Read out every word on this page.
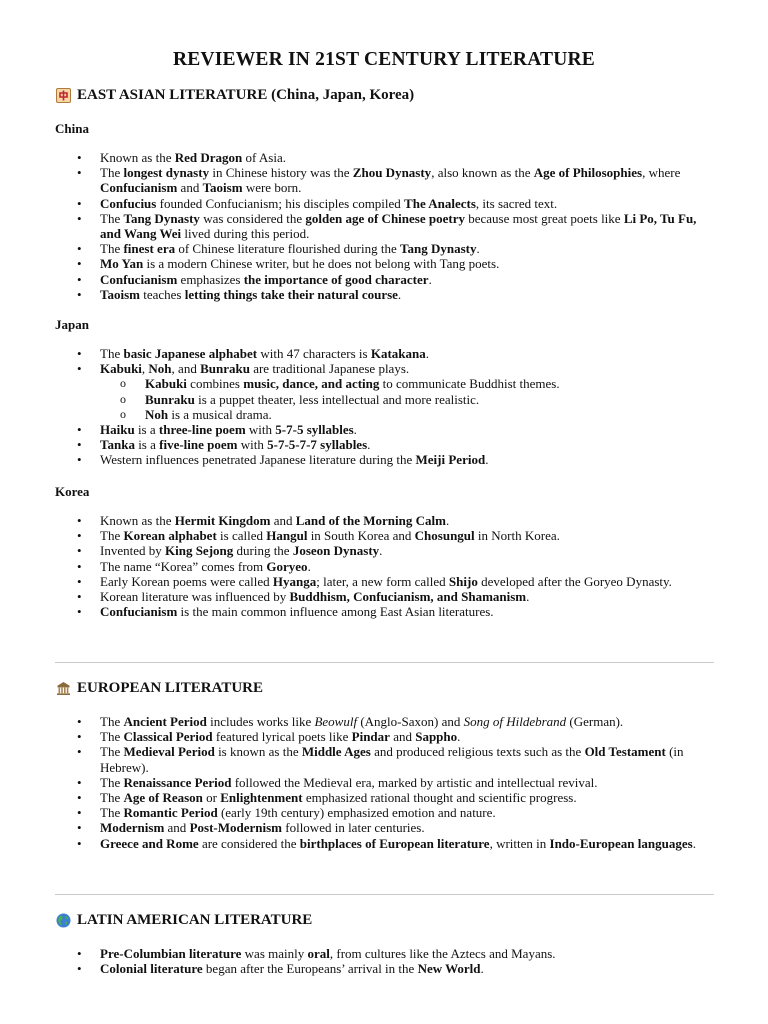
REVIEWER IN 21ST CENTURY LITERATURE
EAST ASIAN LITERATURE (China, Japan, Korea)
China
• Known as the Red Dragon of Asia.
• The longest dynasty in Chinese history was the Zhou Dynasty, also known as the Age of Philosophies, where Confucianism and Taoism were born.
• Confucius founded Confucianism; his disciples compiled The Analects, its sacred text.
• The Tang Dynasty was considered the golden age of Chinese poetry because most great poets like Li Po, Tu Fu, and Wang Wei lived during this period.
• The finest era of Chinese literature flourished during the Tang Dynasty.
• Mo Yan is a modern Chinese writer, but he does not belong with Tang poets.
• Confucianism emphasizes the importance of good character.
• Taoism teaches letting things take their natural course.
Japan
• The basic Japanese alphabet with 47 characters is Katakana.
• Kabuki, Noh, and Bunraku are traditional Japanese plays.
o Kabuki combines music, dance, and acting to communicate Buddhist themes.
o Bunraku is a puppet theater, less intellectual and more realistic.
o Noh is a musical drama.
• Haiku is a three-line poem with 5-7-5 syllables.
• Tanka is a five-line poem with 5-7-5-7-7 syllables.
• Western influences penetrated Japanese literature during the Meiji Period.
Korea
• Known as the Hermit Kingdom and Land of the Morning Calm.
• The Korean alphabet is called Hangul in South Korea and Chosungul in North Korea.
• Invented by King Sejong during the Joseon Dynasty.
• The name “Korea” comes from Goryeo.
• Early Korean poems were called Hyanga; later, a new form called Shijo developed after the Goryeo Dynasty.
• Korean literature was influenced by Buddhism, Confucianism, and Shamanism.
• Confucianism is the main common influence among East Asian literatures.
EUROPEAN LITERATURE
• The Ancient Period includes works like Beowulf (Anglo-Saxon) and Song of Hildebrand (German).
• The Classical Period featured lyrical poets like Pindar and Sappho.
• The Medieval Period is known as the Middle Ages and produced religious texts such as the Old Testament (in Hebrew).
• The Renaissance Period followed the Medieval era, marked by artistic and intellectual revival.
• The Age of Reason or Enlightenment emphasized rational thought and scientific progress.
• The Romantic Period (early 19th century) emphasized emotion and nature.
• Modernism and Post-Modernism followed in later centuries.
• Greece and Rome are considered the birthplaces of European literature, written in Indo-European languages.
LATIN AMERICAN LITERATURE
• Pre-Columbian literature was mainly oral, from cultures like the Aztecs and Mayans.
• Colonial literature began after the Europeans’ arrival in the New World.
